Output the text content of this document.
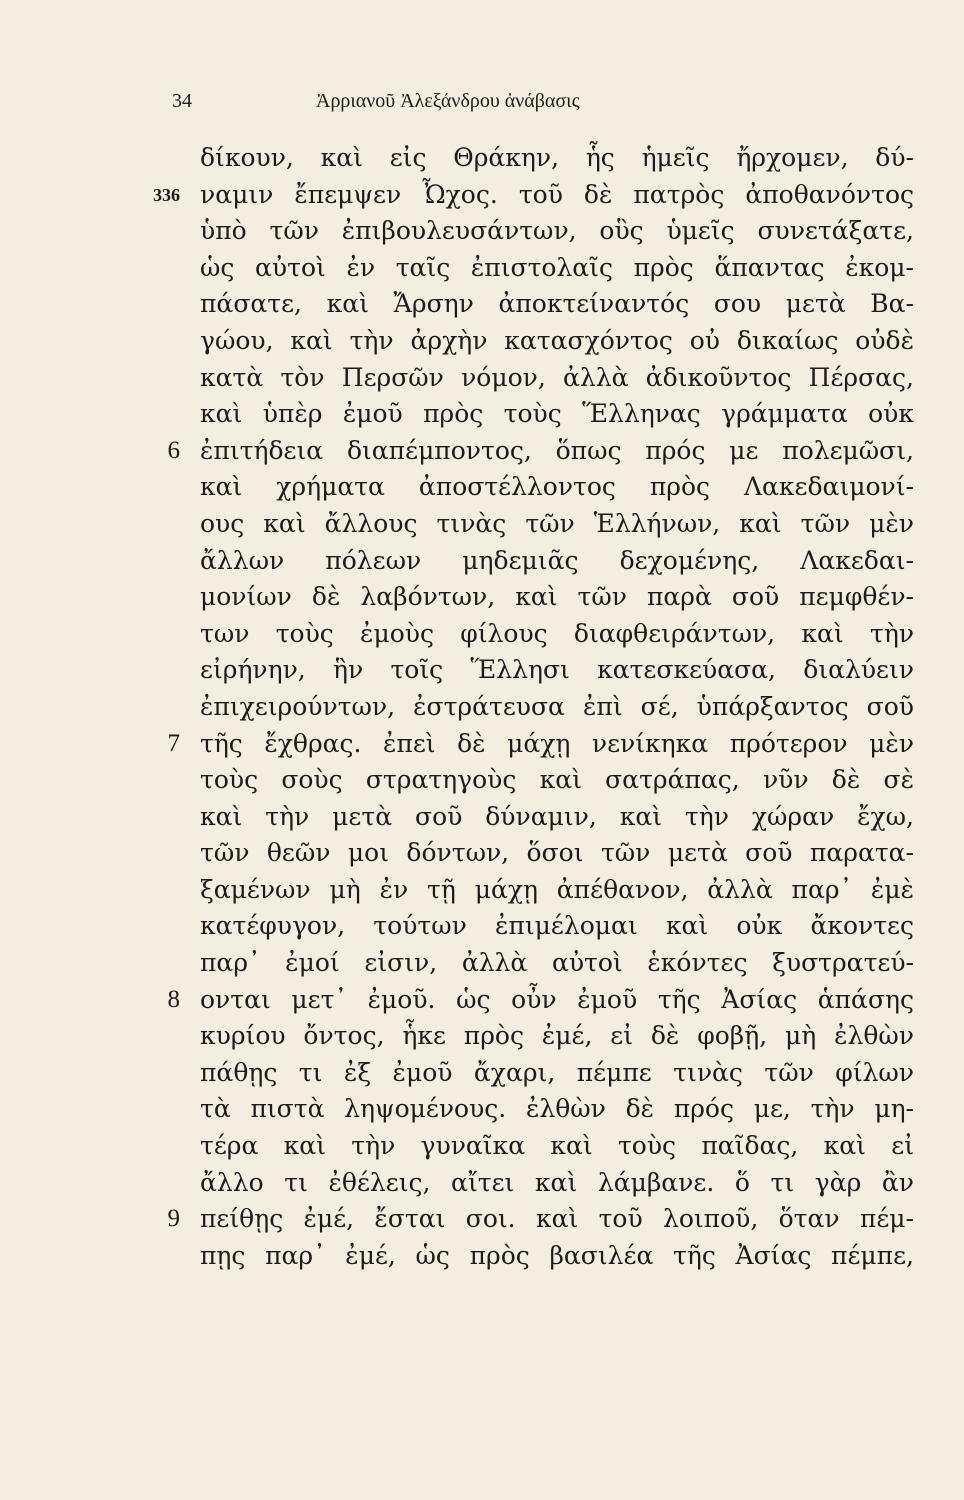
34	Ἀρριανοῦ Ἀλεξάνδρου ἀνάβασις
δίκουν, καὶ εἰς Θράκην, ἧς ἡμεῖς ἤρχομεν, δύ-
336 ναμιν ἔπεμψεν Ὦχος. τοῦ δὲ πατρὸς ἀποθανόντος
ὑπὸ τῶν ἐπιβουλευσάντων, οὓς ὑμεῖς συνετάξατε,
ὡς αὐτοὶ ἐν ταῖς ἐπιστολαῖς πρὸς ἅπαντας ἐκομ-
πάσατε, καὶ Ἄρσην ἀποκτείναντός σου μετὰ Βα-
γώου, καὶ τὴν ἀρχὴν κατασχόντος οὐ δικαίως οὐδὲ
κατὰ τὸν Περσῶν νόμον, ἀλλὰ ἀδικοῦντος Πέρσας,
καὶ ὑπὲρ ἐμοῦ πρὸς τοὺς Ἕλληνας γράμματα οὐκ
6 ἐπιτήδεια διαπέμποντος, ὅπως πρός με πολεμῶσι,
καὶ χρήματα ἀποστέλλοντος πρὸς Λακεδαιμονί-
ους καὶ ἄλλους τινὰς τῶν Ἑλλήνων, καὶ τῶν μὲν
ἄλλων πόλεων μηδεμιᾶς δεχομένης, Λακεδαι-
μονίων δὲ λαβόντων, καὶ τῶν παρὰ σοῦ πεμφθέν-
των τοὺς ἐμοὺς φίλους διαφθειράντων, καὶ τὴν
εἰρήνην, ἣν τοῖς Ἕλλησι κατεσκεύασα, διαλύειν
ἐπιχειρούντων, ἐστράτευσα ἐπὶ σέ, ὑπάρξαντος σοῦ
7 τῆς ἔχθρας. ἐπεὶ δὲ μάχῃ νενίκηκα πρότερον μὲν
τοὺς σοὺς στρατηγοὺς καὶ σατράπας, νῦν δὲ σὲ
καὶ τὴν μετὰ σοῦ δύναμιν, καὶ τὴν χώραν ἔχω,
τῶν θεῶν μοι δόντων, ὅσοι τῶν μετὰ σοῦ παρατα-
ξαμένων μὴ ἐν τῇ μάχῃ ἀπέθανον, ἀλλὰ παρ᾿ ἐμὲ
κατέφυγον, τούτων ἐπιμέλομαι καὶ οὐκ ἄκοντες
παρ᾿ ἐμοί εἰσιν, ἀλλὰ αὐτοὶ ἑκόντες ξυστρατεύ-
8 ονται μετ᾿ ἐμοῦ. ὡς οὖν ἐμοῦ τῆς Ἀσίας ἁπάσης
κυρίου ὄντος, ἧκε πρὸς ἐμέ, εἰ δὲ φοβῇ, μὴ ἐλθὼν
πάθῃς τι ἐξ ἐμοῦ ἄχαρι, πέμπε τινὰς τῶν φίλων
τὰ πιστὰ ληψομένους. ἐλθὼν δὲ πρός με, τὴν μη-
τέρα καὶ τὴν γυναῖκα καὶ τοὺς παῖδας, καὶ εἰ
ἄλλο τι ἐθέλεις, αἴτει καὶ λάμβανε. ὅ τι γὰρ ἂν
9 πείθῃς ἐμέ, ἔσται σοι. καὶ τοῦ λοιποῦ, ὅταν πέμ-
πῃς παρ᾿ ἐμέ, ὡς πρὸς βασιλέα τῆς Ἀσίας πέμπε,
